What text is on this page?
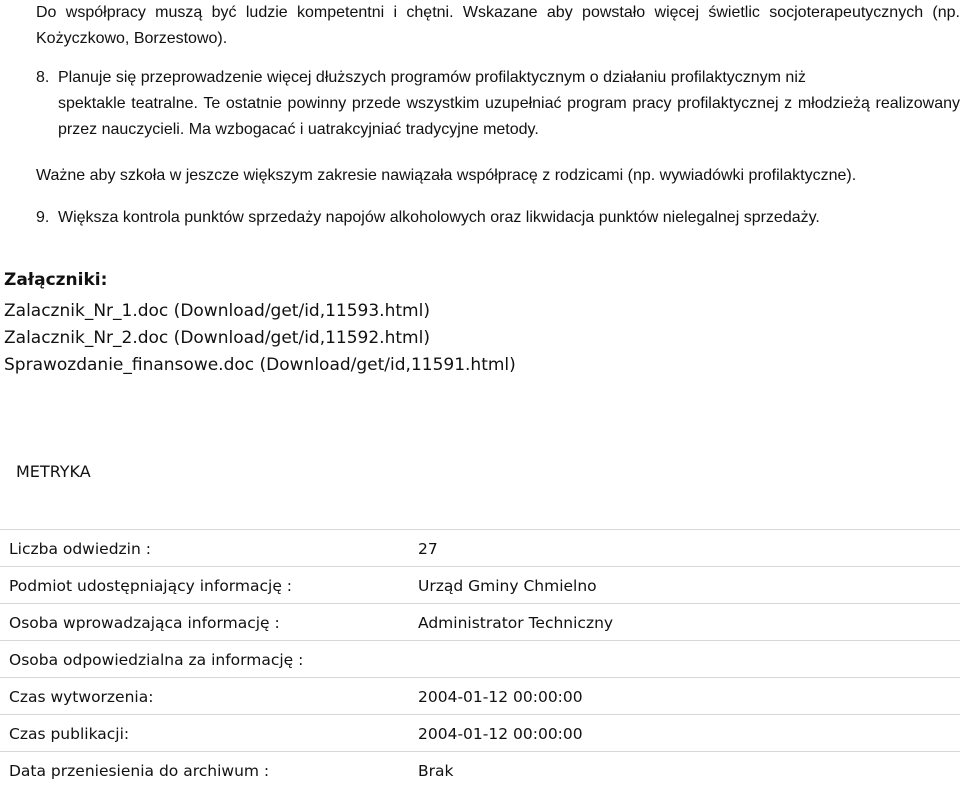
Do współpracy muszą być ludzie kompetentni i chętni. Wskazane aby powstało więcej świetlic socjoterapeutycznych (np. Kożyczkowo, Borzestowo).

8. Planuje się przeprowadzenie więcej dłuższych programów profilaktycznym o działaniu profilaktycznym niż
spektakle teatralne. Te ostatnie powinny przede wszystkim uzupełniać program pracy profilaktycznej z młodzieżą realizowany przez nauczycieli. Ma wzbogacać i uatrakcyjniać tradycyjne metody.

Ważne aby szkoła w jeszcze większym zakresie nawiązała współpracę z rodzicami (np. wywiadówki profilaktyczne).

9. Większa kontrola punktów sprzedaży napojów alkoholowych oraz likwidacja punktów nielegalnej sprzedaży.

Załączniki:
Zalacznik_Nr_1.doc (Download/get/id,11593.html)
Zalacznik_Nr_2.doc (Download/get/id,11592.html)
Sprawozdanie_finansowe.doc (Download/get/id,11591.html)
METRYKA
Liczba odwiedzin :	27
Podmiot udostępniający informację :	Urząd Gminy Chmielno
Osoba wprowadzająca informację :	Administrator Techniczny
Osoba odpowiedzialna za informację :
Czas wytworzenia:	2004-01-12 00:00:00
Czas publikacji:	2004-01-12 00:00:00
Data przeniesienia do archiwum :	Brak
